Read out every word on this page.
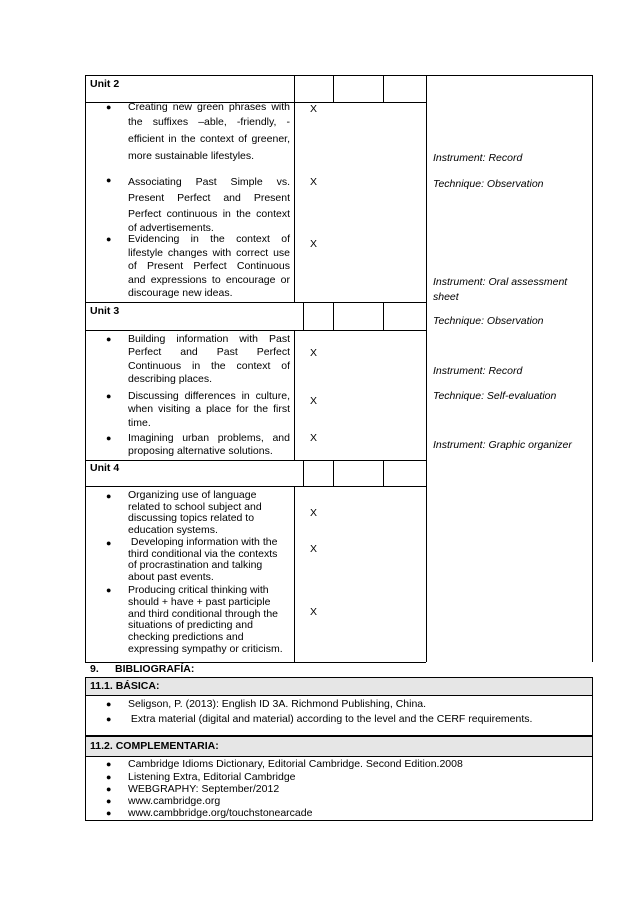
Unit 2
● Creating new green phrases with
the suffixes –able, -friendly, -
efficient in the context of greener,
more sustainable lifestyles.
X
● Associating Past Simple vs.
Present Perfect and Present
Perfect continuous in the context
of advertisements.
X
● Evidencing in the context of
lifestyle changes with correct use
of Present Perfect Continuous
and expressions to encourage or
discourage new ideas.
X
Unit 3
● Building information with Past
Perfect and Past Perfect
Continuous in the context of
describing places.
X
● Discussing differences in culture,
when visiting a place for the first
time.
X
● Imagining urban problems, and
proposing alternative solutions.
X
Unit 4
● Organizing use of language
related to school subject and
discussing topics related to
education systems.
X
● Developing information with the
third conditional via the contexts
of procrastination and talking
about past events.
X
● Producing critical thinking with
should + have + past participle
and third conditional through the
situations of predicting and
checking predictions and
expressing sympathy or criticism.
X
Instrument: Record
Technique: Observation
Instrument: Oral assessment
sheet
Technique: Observation
Instrument: Record
Technique: Self-evaluation
Instrument: Graphic organizer
9. BIBLIOGRAFÍA:
11.1. BÁSICA:
● Seligson, P. (2013): English ID 3A. Richmond Publishing, China.
● Extra material (digital and material) according to the level and the CERF requirements.
11.2. COMPLEMENTARIA:
● Cambridge Idioms Dictionary, Editorial Cambridge. Second Edition.2008
● Listening Extra, Editorial Cambridge
● WEBGRAPHY: September/2012
● www.cambridge.org
● www.cambbridge.org/touchstonearcade
